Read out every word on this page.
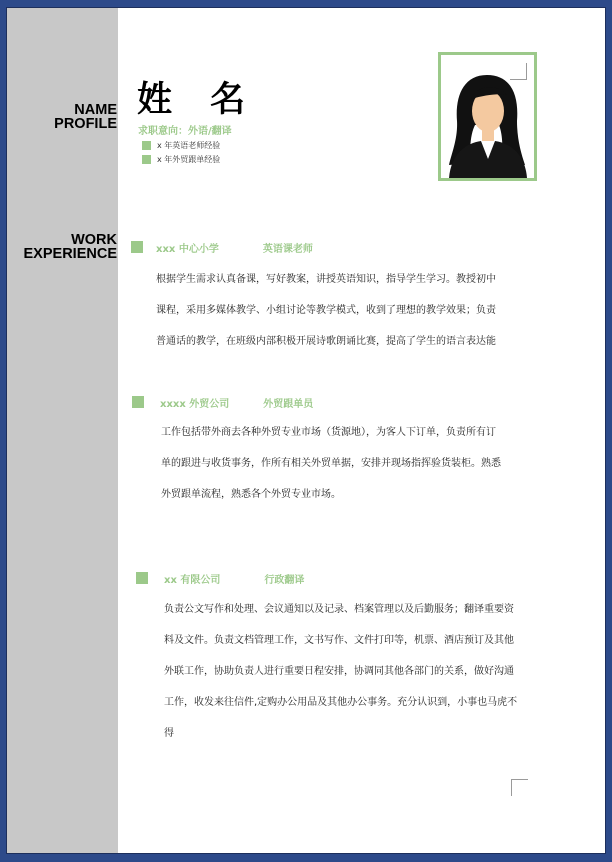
NAME
PROFILE
姓 名
求职意向：外语/翻译
x 年英语老师经验
x 年外贸跟单经验
WORK
EXPERIENCE	xxx 中心小学	英语课老师
根据学生需求认真备课，写好教案，讲授英语知识，指导学生学习。教授初中
课程，采用多媒体教学、小组讨论等教学模式，收到了理想的教学效果；负责
普通话的教学，在班级内部积极开展诗歌朗诵比赛，提高了学生的语言表达能
xxxx 外贸公司	外贸跟单员
工作包括带外商去各种外贸专业市场（货源地），为客人下订单，负责所有订
单的跟进与收货事务，作所有相关外贸单据，安排并现场指挥验货装柜。熟悉
外贸跟单流程，熟悉各个外贸专业市场。
xx 有限公司	行政翻译
负责公文写作和处理、会议通知以及记录、档案管理以及后勤服务；翻译重要资
料及文件。负责文档管理工作，文书写作、文件打印等，机票、酒店预订及其他
外联工作，协助负责人进行重要日程安排，协调同其他各部门的关系，做好沟通
工作，收发来往信件,定购办公用品及其他办公事务。充分认识到，小事也马虎不
得
